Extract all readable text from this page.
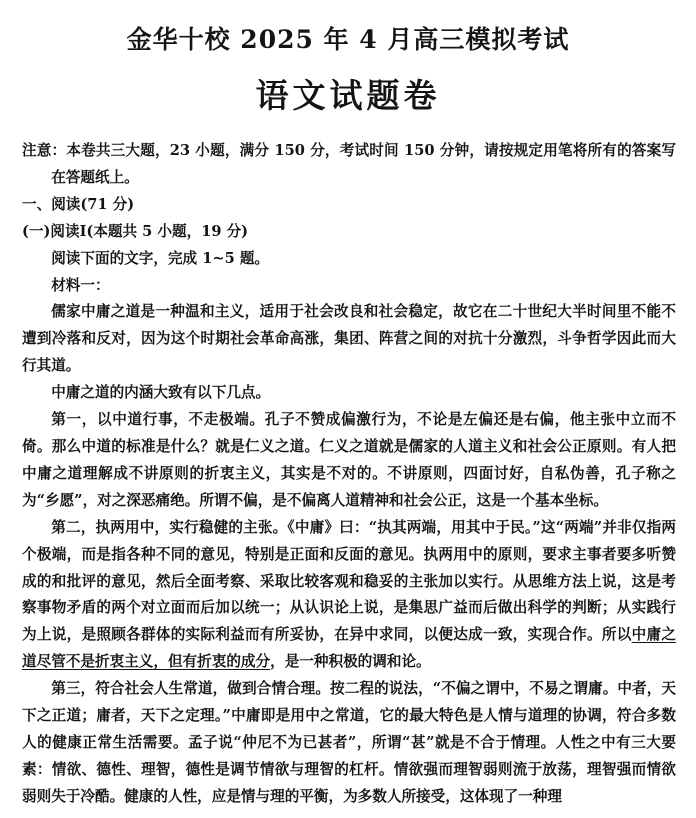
金华十校 2025 年 4 月高三模拟考试
语文试题卷

注意：本卷共三大题，23 小题，满分 150 分，考试时间 150 分钟，请按规定用笔将所有的答案写在答题纸上。

一、阅读(71 分)

(一)阅读Ⅰ(本题共 5 小题，19 分)

阅读下面的文字，完成 1~5 题。

材料一：

儒家中庸之道是一种温和主义，适用于社会改良和社会稳定，故它在二十世纪大半时间里不能不遭到冷落和反对，因为这个时期社会革命高涨，集团、阵营之间的对抗十分激烈，斗争哲学因此而大行其道。

中庸之道的内涵大致有以下几点。

第一，以中道行事，不走极端。孔子不赞成偏激行为，不论是左偏还是右偏，他主张中立而不倚。那么中道的标准是什么？就是仁义之道。仁义之道就是儒家的人道主义和社会公正原则。有人把中庸之道理解成不讲原则的折衷主义，其实是不对的。不讲原则，四面讨好，自私伪善，孔子称之为“乡愿”，对之深恶痛绝。所谓不偏，是不偏离人道精神和社会公正，这是一个基本坐标。

第二，执两用中，实行稳健的主张。《中庸》曰：“执其两端，用其中于民。”这“两端”并非仅指两个极端，而是指各种不同的意见，特别是正面和反面的意见。执两用中的原则，要求主事者要多听赞成的和批评的意见，然后全面考察、采取比较客观和稳妥的主张加以实行。从思维方法上说，这是考察事物矛盾的两个对立面而后加以统一；从认识论上说，是集思广益而后做出科学的判断；从实践行为上说，是照顾各群体的实际利益而有所妥协，在异中求同，以便达成一致，实现合作。所以中庸之道尽管不是折衷主义，但有折衷的成分，是一种积极的调和论。

第三，符合社会人生常道，做到合情合理。按二程的说法，“不偏之谓中，不易之谓庸。中者，天下之正道；庸者，天下之定理。”中庸即是用中之常道，它的最大特色是人情与道理的协调，符合多数人的健康正常生活需要。孟子说“仲尼不为已甚者”，所谓“甚”就是不合于情理。人性之中有三大要素：情欲、德性、理智，德性是调节情欲与理智的杠杆。情欲强而理智弱则流于放荡，理智强而情欲弱则失于冷酷。健康的人性，应是情与理的平衡，为多数人所接受，这体现了一种理
